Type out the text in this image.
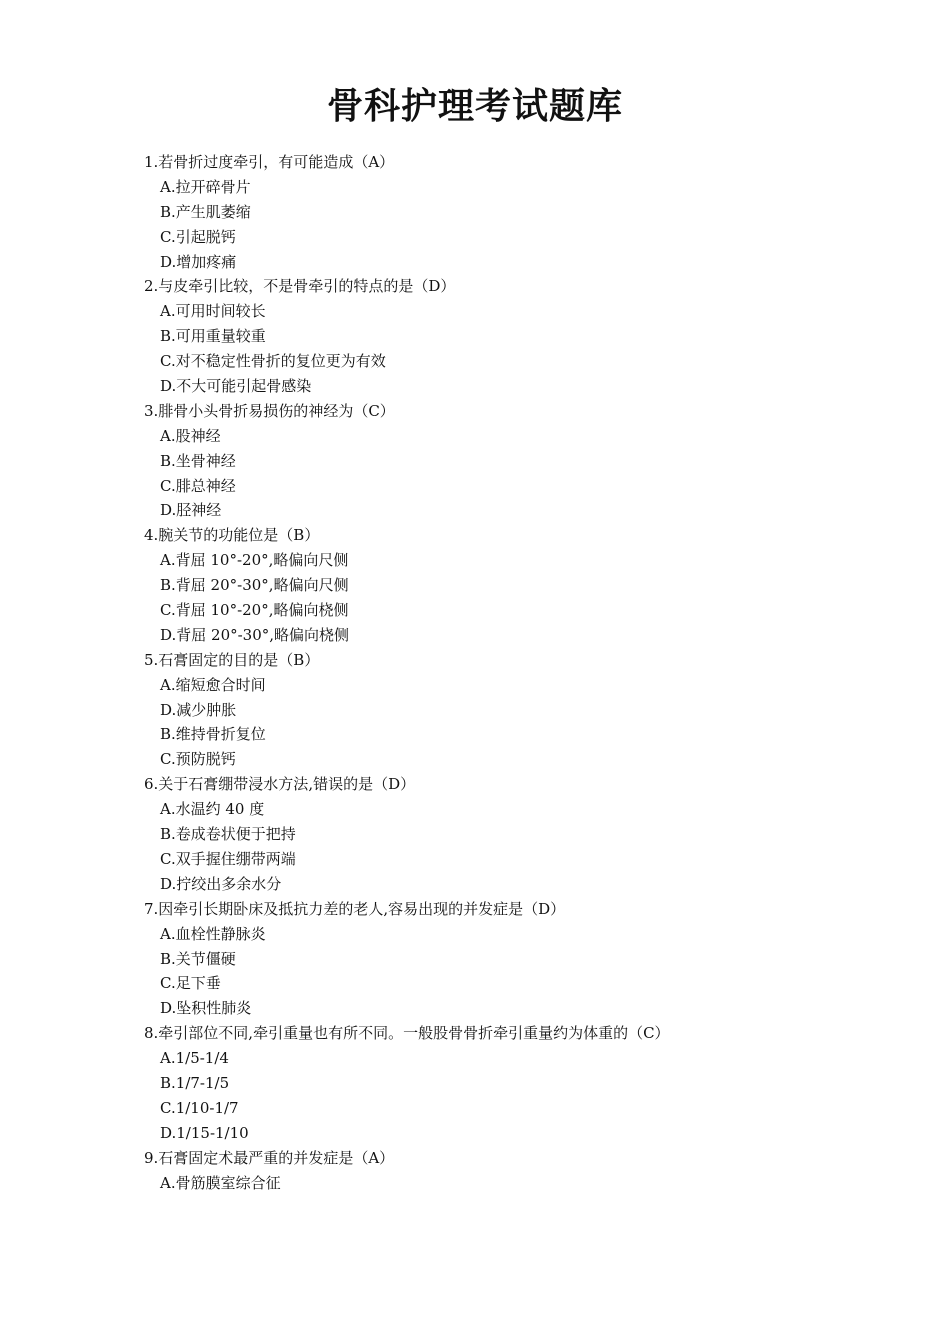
骨科护理考试题库
1.若骨折过度牵引，有可能造成（A）
A.拉开碎骨片
B.产生肌萎缩
C.引起脱钙
D.增加疼痛
2.与皮牵引比较，不是骨牵引的特点的是（D）
A.可用时间较长
B.可用重量较重
C.对不稳定性骨折的复位更为有效
D.不大可能引起骨感染
3.腓骨小头骨折易损伤的神经为（C）
A.股神经
B.坐骨神经
C.腓总神经
D.胫神经
4.腕关节的功能位是（B）
A.背屈 10°-20°,略偏向尺侧
B.背屈 20°-30°,略偏向尺侧
C.背屈 10°-20°,略偏向桡侧
D.背屈 20°-30°,略偏向桡侧
5.石膏固定的目的是（B）
A.缩短愈合时间
D.减少肿胀
B.维持骨折复位
C.预防脱钙
6.关于石膏绷带浸水方法,错误的是（D）
A.水温约 40 度
B.卷成卷状便于把持
C.双手握住绷带两端
D.拧绞出多余水分
7.因牵引长期卧床及抵抗力差的老人,容易出现的并发症是（D）
A.血栓性静脉炎
B.关节僵硬
C.足下垂
D.坠积性肺炎
8.牵引部位不同,牵引重量也有所不同。一般股骨骨折牵引重量约为体重的（C）
A.1/5-1/4
B.1/7-1/5
C.1/10-1/7
D.1/15-1/10
9.石膏固定术最严重的并发症是（A）
A.骨筋膜室综合征
